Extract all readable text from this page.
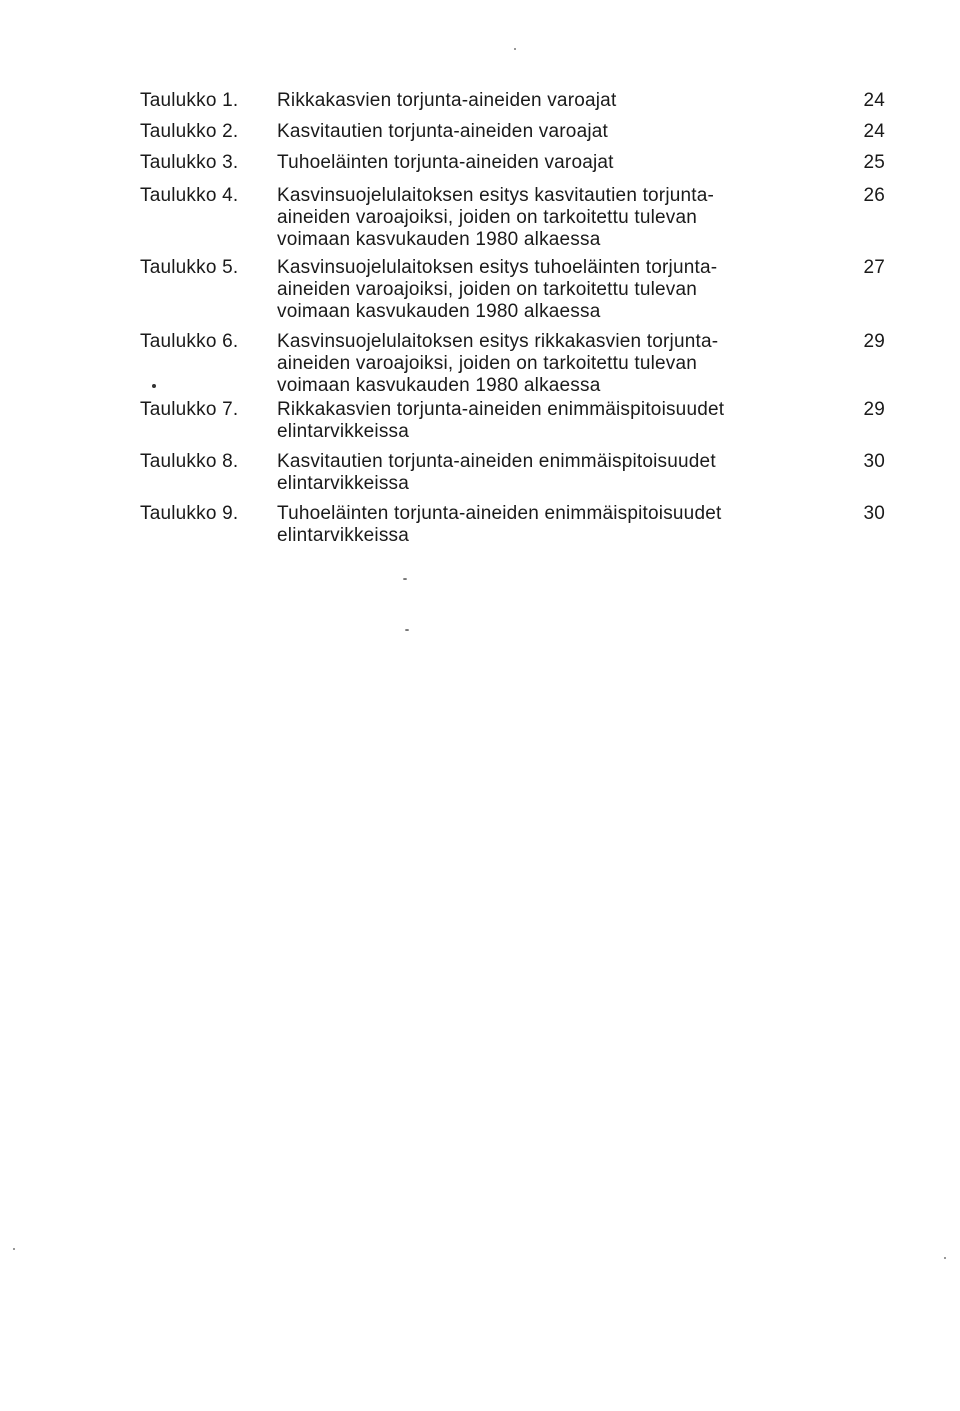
Taulukko 1.	Rikkakasvien torjunta-aineiden varoajat	24
Taulukko 2.	Kasvitautien torjunta-aineiden varoajat	24
Taulukko 3.	Tuhoeläinten torjunta-aineiden varoajat	25
Taulukko 4.	Kasvinsuojelulaitoksen esitys kasvitautien torjunta-
aineiden varoajoiksi, joiden on tarkoitettu tulevan
voimaan kasvukauden 1980 alkaessa
26
Taulukko 5.	Kasvinsuojelulaitoksen esitys tuhoeläinten torjunta-
aineiden varoajoiksi, joiden on tarkoitettu tulevan
voimaan kasvukauden 1980 alkaessa
27
Taulukko 6.	Kasvinsuojelulaitoksen esitys rikkakasvien torjunta-
aineiden varoajoiksi, joiden on tarkoitettu tulevan
voimaan kasvukauden 1980 alkaessa
29
Taulukko 7.	Rikkakasvien torjunta-aineiden enimmäispitoisuudet
elintarvikkeissa
29
Taulukko 8.	Kasvitautien torjunta-aineiden enimmäispitoisuudet
elintarvikkeissa
30
Taulukko 9.	Tuhoeläinten torjunta-aineiden enimmäispitoisuudet
elintarvikkeissa
30
